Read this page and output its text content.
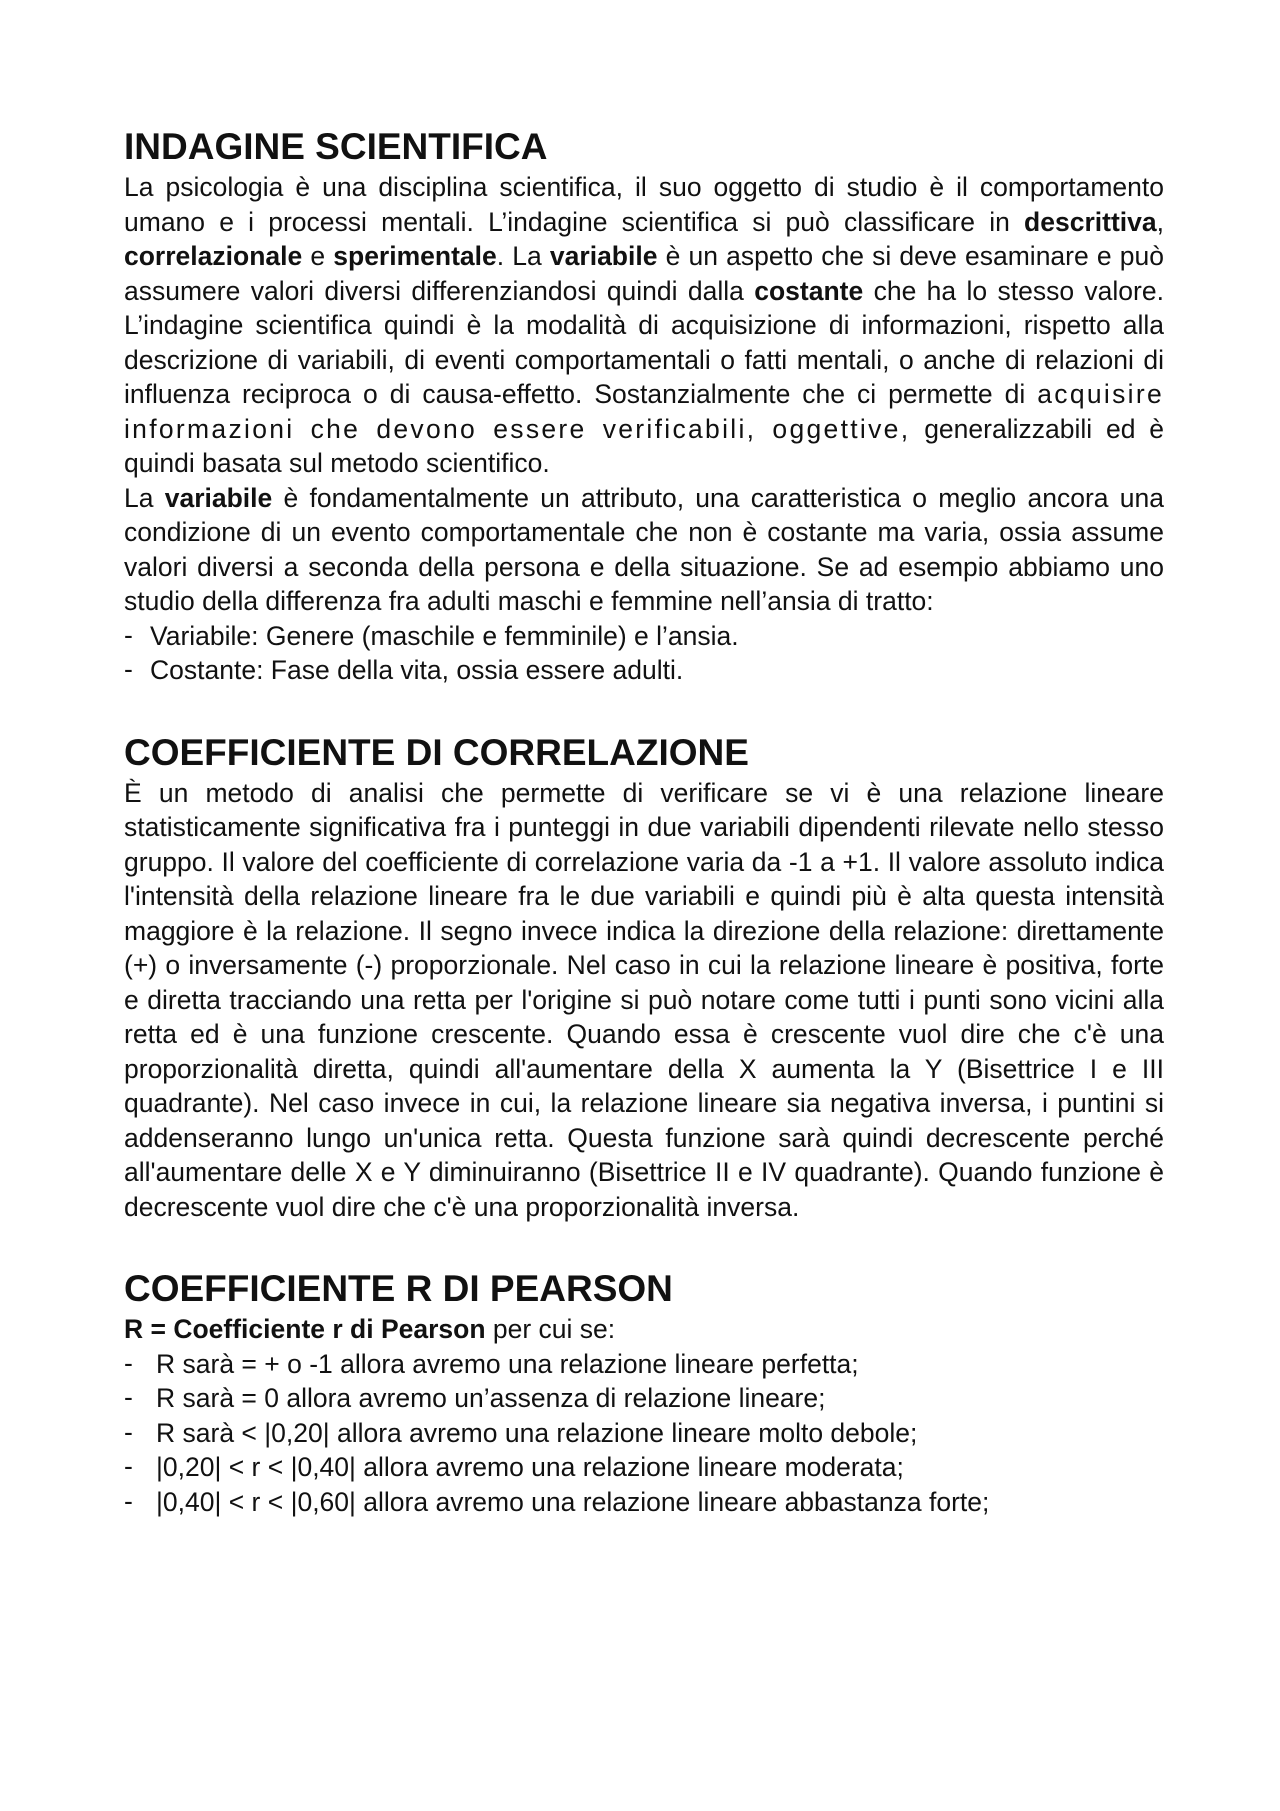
INDAGINE SCIENTIFICA

La psicologia è una disciplina scientifica, il suo oggetto di studio è il comportamento umano e i processi mentali. L’indagine scientifica si può classificare in descrittiva, correlazionale e sperimentale. La variabile è un aspetto che si deve esaminare e può assumere valori diversi differenziandosi quindi dalla costante che ha lo stesso valore. L’indagine scientifica quindi è la modalità di acquisizione di informazioni, rispetto alla descrizione di variabili, di eventi comportamentali o fatti mentali, o anche di relazioni di influenza reciproca o di causa-effetto. Sostanzialmente che ci permette di acquisire informazioni che devono essere verificabili, oggettive, generalizzabili ed è quindi basata sul metodo scientifico.

La variabile è fondamentalmente un attributo, una caratteristica o meglio ancora una condizione di un evento comportamentale che non è costante ma varia, ossia assume valori diversi a seconda della persona e della situazione. Se ad esempio abbiamo uno studio della differenza fra adulti maschi e femmine nell’ansia di tratto:

- Variabile: Genere (maschile e femminile) e l’ansia.
- Costante: Fase della vita, ossia essere adulti.
COEFFICIENTE DI CORRELAZIONE

È un metodo di analisi che permette di verificare se vi è una relazione lineare statisticamente significativa fra i punteggi in due variabili dipendenti rilevate nello stesso gruppo. Il valore del coefficiente di correlazione varia da -1 a +1. Il valore assoluto indica l'intensità della relazione lineare fra le due variabili e quindi più è alta questa intensità maggiore è la relazione. Il segno invece indica la direzione della relazione: direttamente (+) o inversamente (-) proporzionale. Nel caso in cui la relazione lineare è positiva, forte e diretta tracciando una retta per l'origine si può notare come tutti i punti sono vicini alla retta ed è una funzione crescente. Quando essa è crescente vuol dire che c'è una proporzionalità diretta, quindi all'aumentare della X aumenta la Y (Bisettrice I e III quadrante). Nel caso invece in cui, la relazione lineare sia negativa inversa, i puntini si addenseranno lungo un'unica retta. Questa funzione sarà quindi decrescente perché all'aumentare delle X e Y diminuiranno (Bisettrice II e IV quadrante). Quando funzione è decrescente vuol dire che c'è una proporzionalità inversa.

COEFFICIENTE R DI PEARSON

R = Coefficiente r di Pearson per cui se:

- R sarà = + o -1 allora avremo una relazione lineare perfetta;
- R sarà = 0 allora avremo un’assenza di relazione lineare;
- R sarà < |0,20| allora avremo una relazione lineare molto debole;
- |0,20| < r < |0,40| allora avremo una relazione lineare moderata;
- |0,40| < r < |0,60| allora avremo una relazione lineare abbastanza forte;
